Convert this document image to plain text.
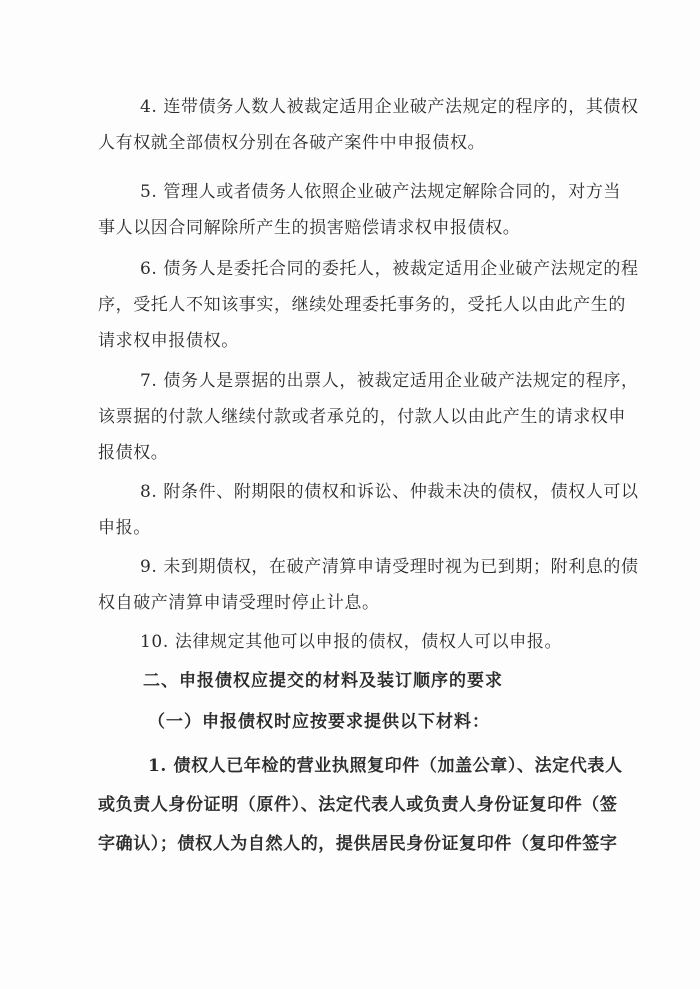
4. 连带债务人数人被裁定适用企业破产法规定的程序的，其债权
人有权就全部债权分别在各破产案件中申报债权。
5. 管理人或者债务人依照企业破产法规定解除合同的，对方当
事人以因合同解除所产生的损害赔偿请求权申报债权。
6. 债务人是委托合同的委托人，被裁定适用企业破产法规定的程
序，受托人不知该事实，继续处理委托事务的，受托人以由此产生的
请求权申报债权。
7. 债务人是票据的出票人，被裁定适用企业破产法规定的程序，
该票据的付款人继续付款或者承兑的，付款人以由此产生的请求权申
报债权。
8. 附条件、附期限的债权和诉讼、仲裁未决的债权，债权人可以
申报。
9. 未到期债权，在破产清算申请受理时视为已到期；附利息的债
权自破产清算申请受理时停止计息。
10. 法律规定其他可以申报的债权，债权人可以申报。
二、申报债权应提交的材料及装订顺序的要求
（一）申报债权时应按要求提供以下材料：
1. 债权人已年检的营业执照复印件（加盖公章）、法定代表人
或负责人身份证明（原件）、法定代表人或负责人身份证复印件（签
字确认）；债权人为自然人的，提供居民身份证复印件（复印件签字
